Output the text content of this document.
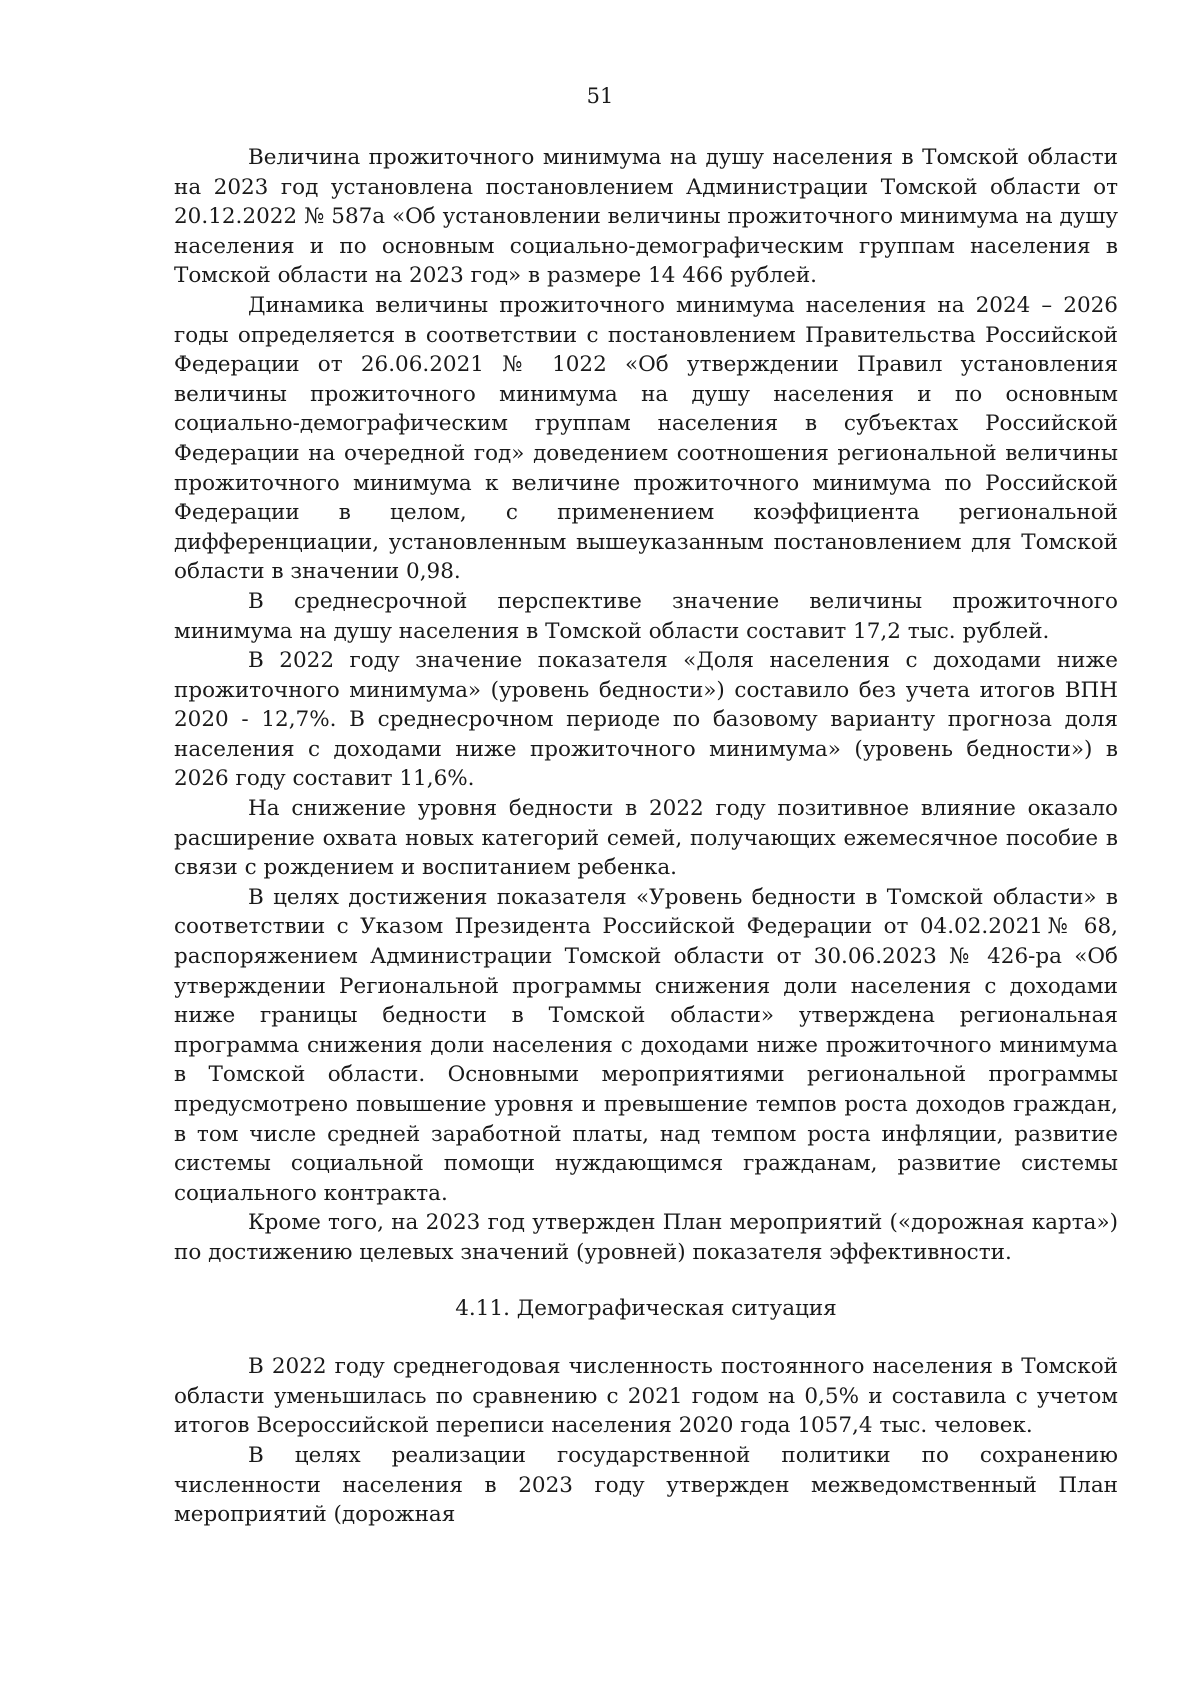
51

Величина прожиточного минимума на душу населения в Томской области на 2023 год установлена постановлением Администрации Томской области от 20.12.2022 № 587а «Об установлении величины прожиточного минимума на душу населения и по основным социально-демографическим группам населения в Томской области на 2023 год» в размере 14 466 рублей.

Динамика величины прожиточного минимума населения на 2024 – 2026 годы определяется в соответствии с постановлением Правительства Российской Федерации от 26.06.2021 № 1022 «Об утверждении Правил установления величины прожиточного минимума на душу населения и по основным социально-демографическим группам населения в субъектах Российской Федерации на очередной год» доведением соотношения региональной величины прожиточного минимума к величине прожиточного минимума по Российской Федерации в целом, с применением коэффициента региональной дифференциации, установленным вышеуказанным постановлением для Томской области в значении 0,98.

В среднесрочной перспективе значение величины прожиточного минимума на душу населения в Томской области составит 17,2 тыс. рублей.

В 2022 году значение показателя «Доля населения с доходами ниже прожиточного минимума» (уровень бедности») составило без учета итогов ВПН 2020 - 12,7%. В среднесрочном периоде по базовому варианту прогноза доля населения с доходами ниже прожиточного минимума» (уровень бедности») в 2026 году составит 11,6%.

На снижение уровня бедности в 2022 году позитивное влияние оказало расширение охвата новых категорий семей, получающих ежемесячное пособие в связи с рождением и воспитанием ребенка.

В целях достижения показателя «Уровень бедности в Томской области» в соответствии с Указом Президента Российской Федерации от 04.02.2021№ 68, распоряжением Администрации Томской области от 30.06.2023 № 426-ра «Об утверждении Региональной программы снижения доли населения с доходами ниже границы бедности в Томской области» утверждена региональная программа снижения доли населения с доходами ниже прожиточного минимума в Томской области. Основными мероприятиями региональной программы предусмотрено повышение уровня и превышение темпов роста доходов граждан, в том числе средней заработной платы, над темпом роста инфляции, развитие системы социальной помощи нуждающимся гражданам, развитие системы социального контракта.

Кроме того, на 2023 год утвержден План мероприятий («дорожная карта») по достижению целевых значений (уровней) показателя эффективности.

4.11. Демографическая ситуация

В 2022 году среднегодовая численность постоянного населения в Томской области уменьшилась по сравнению с 2021 годом на 0,5% и составила с учетом итогов Всероссийской переписи населения 2020 года 1057,4 тыс. человек.

В целях реализации государственной политики по сохранению численности населения в 2023 году утвержден межведомственный План мероприятий (дорожная
